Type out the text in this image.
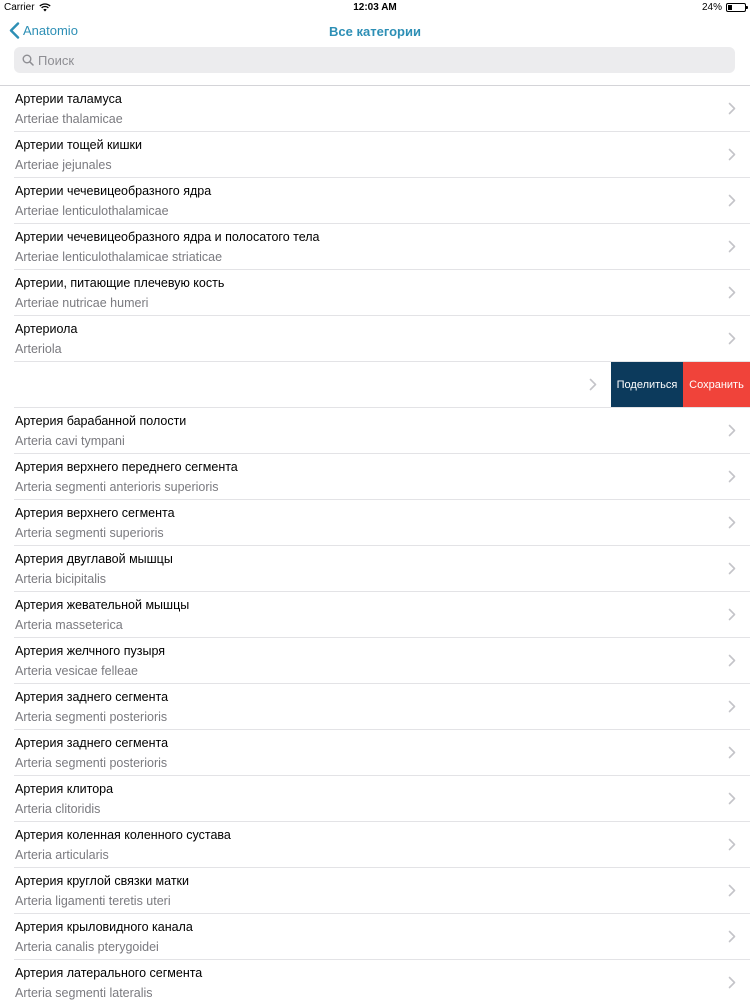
Carrier	12:03 AM	24%
Anatomio	Все категории
Поиск
Артерии таламуса
Arteriae thalamicae
Артерии тощей кишки
Arteriae jejunales
Артерии чечевицеобразного ядра
Arteriae lenticulothalamicae
Артерии чечевицеобразного ядра и полосатого тела
Arteriae lenticulothalamicae striaticae
Артерии, питающие плечевую кость
Arteriae nutricae humeri
Артериола
Arteriola
Поделиться	Сохранить
Артерия барабанной полости
Arteria cavi tympani
Артерия верхнего переднего сегмента
Arteria segmenti anterioris superioris
Артерия верхнего сегмента
Arteria segmenti superioris
Артерия двуглавой мышцы
Arteria bicipitalis
Артерия жевательной мышцы
Arteria masseterica
Артерия желчного пузыря
Arteria vesicae felleae
Артерия заднего сегмента
Arteria segmenti posterioris
Артерия заднего сегмента
Arteria segmenti posterioris
Артерия клитора
Arteria clitoridis
Артерия коленная коленного сустава
Arteria articularis
Артерия круглой связки матки
Arteria ligamenti teretis uteri
Артерия крыловидного канала
Arteria canalis pterygoidei
Артерия латерального сегмента
Arteria segmenti lateralis
